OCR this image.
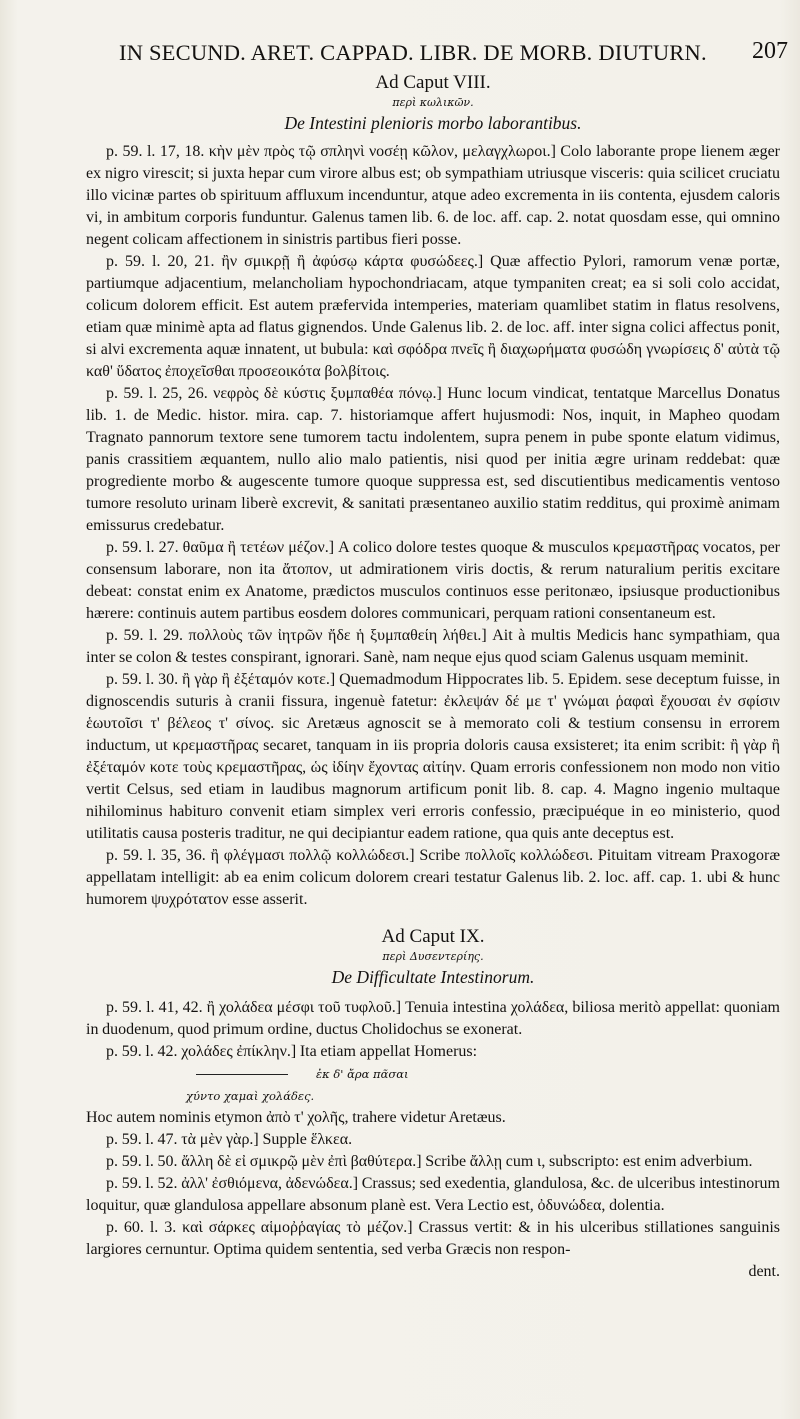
IN SECUND. ARET. CAPPAD. LIBR. DE MORB. DIUTURN. 207
Ad Caput VIII.
περὶ κωλικῶν.
De Intestini plenioris morbo laborantibus.

p. 59. l. 17, 18. κὴν μὲν πρὸς τῷ σπληνὶ νοσέῃ κῶλον, μελαγχλωροι.] Colo laborante prope lienem æger ex nigro virescit; si juxta hepar cum virore albus est; ob sympathiam utriusque visceris: quia scilicet cruciatu illo vicinæ partes ob spirituum affluxum incenduntur, atque adeo excrementa in iis contenta, ejusdem caloris vi, in ambitum corporis funduntur. Galenus tamen lib. 6. de loc. aff. cap. 2. notat quosdam esse, qui omnino negent colicam affectionem in sinistris partibus fieri posse.

p. 59. l. 20, 21. ἢν σμικρῇ ἢ ἀφύσῳ κάρτα φυσώδεες.] Quæ affectio Pylori, ramorum venæ portæ, partiumque adjacentium, melancholiam hypochondriacam, atque tympaniten creat; ea si soli colo accidat, colicum dolorem efficit. Est autem præfervida intemperies, materiam quamlibet statim in flatus resolvens, etiam quæ minimè apta ad flatus gignendos. Unde Galenus lib. 2. de loc. aff. inter signa colici affectus ponit, si alvi excrementa aquæ innatent, ut bubula: καὶ σφόδρα πνεῖς ἢ διαχωρήματα φυσώδη γνωρίσεις δ' αὐτὰ τῷ καθ' ὕδατος ἐποχεῖσθαι προσεοικότα βολβίτοις.

p. 59. l. 25, 26. νεφρὸς δὲ κύστις ξυμπαθέα πόνῳ.] Hunc locum vindicat, tentatque Marcellus Donatus lib. 1. de Medic. histor. mira. cap. 7. historiamque affert hujusmodi: Nos, inquit, in Mapheo quodam Tragnato pannorum textore sene tumorem tactu indolentem, supra penem in pube sponte elatum vidimus, panis crassitiem æquantem, nullo alio malo patientis, nisi quod per initia ægre urinam reddebat: quæ progrediente morbo & augescente tumore quoque suppressa est, sed discutientibus medicamentis ventoso tumore resoluto urinam liberè excrevit, & sanitati præsentaneo auxilio statim redditus, qui proximè animam emissurus credebatur.

p. 59. l. 27. θαῦμα ἢ τετέων μέζον.] A colico dolore testes quoque & musculos κρεμαστῆρας vocatos, per consensum laborare, non ita ἄτοπον, ut admirationem viris doctis, & rerum naturalium peritis excitare debeat: constat enim ex Anatome, prædictos musculos continuos esse peritonæo, ipsiusque productionibus hærere: continuis autem partibus eosdem dolores communicari, perquam rationi consentaneum est.

p. 59. l. 29. πολλοὺς τῶν ἰητρῶν ἤδε ἡ ξυμπαθείη λήθει.] Ait à multis Medicis hanc sympathiam, qua inter se colon & testes conspirant, ignorari. Sanè, nam neque ejus quod sciam Galenus usquam meminit.

p. 59. l. 30. ἢ γὰρ ἢ ἐξέταμόν κοτε.] Quemadmodum Hippocrates lib. 5. Epidem. sese deceptum fuisse, in dignoscendis suturis à cranii fissura, ingenuè fatetur: ἐκλεψάν δέ με τ' γνώμαι ῥαφαὶ ἔχουσαι ἐν σφίσιν ἑωυτοῖσι τ' βέλεος τ' σίνος. sic Aretæus agnoscit se à memorato coli & testium consensu in errorem inductum, ut κρεμαστῆρας secaret, tanquam in iis propria doloris causa exsisteret; ita enim scribit: ἢ γὰρ ἢ ἐξέταμόν κοτε τοὺς κρεμαστῆρας, ὡς ἰδίην ἔχοντας αἰτίην. Quam erroris confessionem non modo non vitio vertit Celsus, sed etiam in laudibus magnorum artificum ponit lib. 8. cap. 4. Magno ingenio multaque nihilominus habituro convenit etiam simplex veri erroris confessio, præcipuéque in eo ministerio, quod utilitatis causa posteris traditur, ne qui decipiantur eadem ratione, qua quis ante deceptus est.

p. 59. l. 35, 36. ἢ φλέγμασι πολλῷ κολλώδεσι.] Scribe πολλοῖς κολλώδεσι. Pituitam vitream Praxogoræ appellatam intelligit: ab ea enim colicum dolorem creari testatur Galenus lib. 2. loc. aff. cap. 1. ubi & hunc humorem ψυχρότατον esse asserit.

Ad Caput IX.
περὶ Δυσεντερίης.
De Difficultate Intestinorum.

p. 59. l. 41, 42. ἢ χολάδεα μέσφι τοῦ τυφλοῦ.] Tenuia intestina χολάδεα, biliosa meritò appellat: quoniam in duodenum, quod primum ordine, ductus Cholidochus se exonerat.

p. 59. l. 42. χολάδες ἐπίκλην.] Ita etiam appellat Homerus:

ἐκ δ' ἄρα πᾶσαι
χύντο χαμαὶ χολάδες.

Hoc autem nominis etymon ἀπὸ τ' χολῆς, trahere videtur Aretæus.

p. 59. l. 47. τὰ μὲν γὰρ.] Supple ἕλκεα.

p. 59. l. 50. ἄλλη δὲ εἰ σμικρῷ μὲν ἐπὶ βαθύτερα.] Scribe ἄλλῃ cum ι, subscripto: est enim adverbium.

p. 59. l. 52. ἀλλ' ἐσθιόμενα, ἀδενώδεα.] Crassus; sed exedentia, glandulosa, &c. de ulceribus intestinorum loquitur, quæ glandulosa appellare absonum planè est. Vera Lectio est, ὀδυνώδεα, dolentia.

p. 60. l. 3. καὶ σάρκες αἱμοῤῥαγίας τὸ μέζον.] Crassus vertit: & in his ulceribus stillationes sanguinis largiores cernuntur. Optima quidem sententia, sed verba Græcis non respon-

dent.
